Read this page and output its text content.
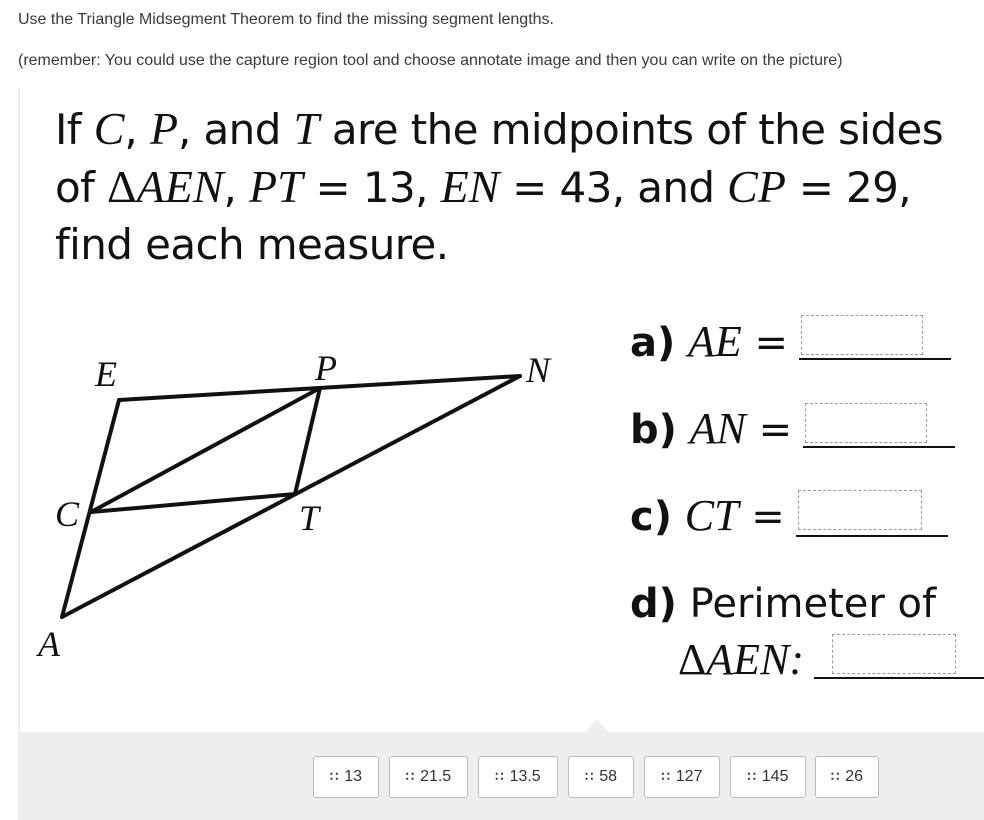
Use the Triangle Midsegment Theorem to find the missing segment lengths.
(remember: You could use the capture region tool and choose annotate image and then you can write on the picture)
If C, P, and T are the midpoints of the sides
of ΔAEN, PT = 13, EN = 43, and CP = 29,
find each measure.
E	P	N
C	T
A
a) AE =
b) AN =
c) CT =
d) Perimeter of
ΔAEN:
∷ 13	∷ 21.5	∷ 13.5	∷ 58	∷ 127	∷ 145	∷ 26
